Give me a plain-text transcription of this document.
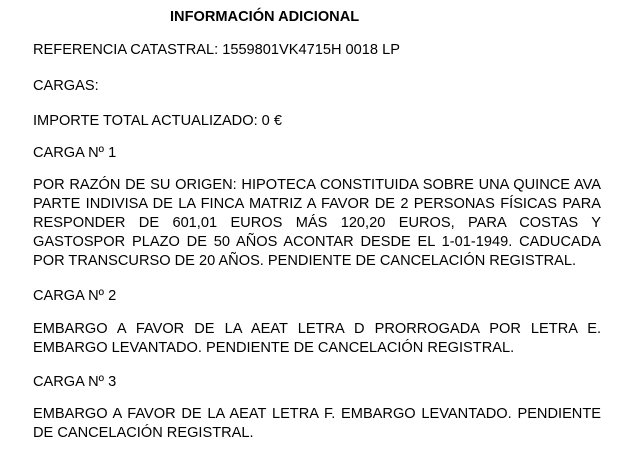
INFORMACIÓN ADICIONAL
REFERENCIA CATASTRAL: 1559801VK4715H 0018 LP
CARGAS:
IMPORTE TOTAL ACTUALIZADO: 0 €
CARGA Nº 1
POR RAZÓN DE SU ORIGEN: HIPOTECA CONSTITUIDA SOBRE UNA QUINCE AVA PARTE INDIVISA DE LA FINCA MATRIZ A FAVOR DE 2 PERSONAS FÍSICAS PARA RESPONDER DE 601,01 EUROS MÁS 120,20 EUROS, PARA COSTAS Y GASTOSPOR PLAZO DE 50 AÑOS ACONTAR DESDE EL 1-01-1949. CADUCADA POR TRANSCURSO DE 20 AÑOS. PENDIENTE DE CANCELACIÓN REGISTRAL.
CARGA Nº 2
EMBARGO A FAVOR DE LA AEAT LETRA D PRORROGADA POR LETRA E. EMBARGO LEVANTADO. PENDIENTE DE CANCELACIÓN REGISTRAL.
CARGA Nº 3
EMBARGO A FAVOR DE LA AEAT LETRA F. EMBARGO LEVANTADO. PENDIENTE DE CANCELACIÓN REGISTRAL.
